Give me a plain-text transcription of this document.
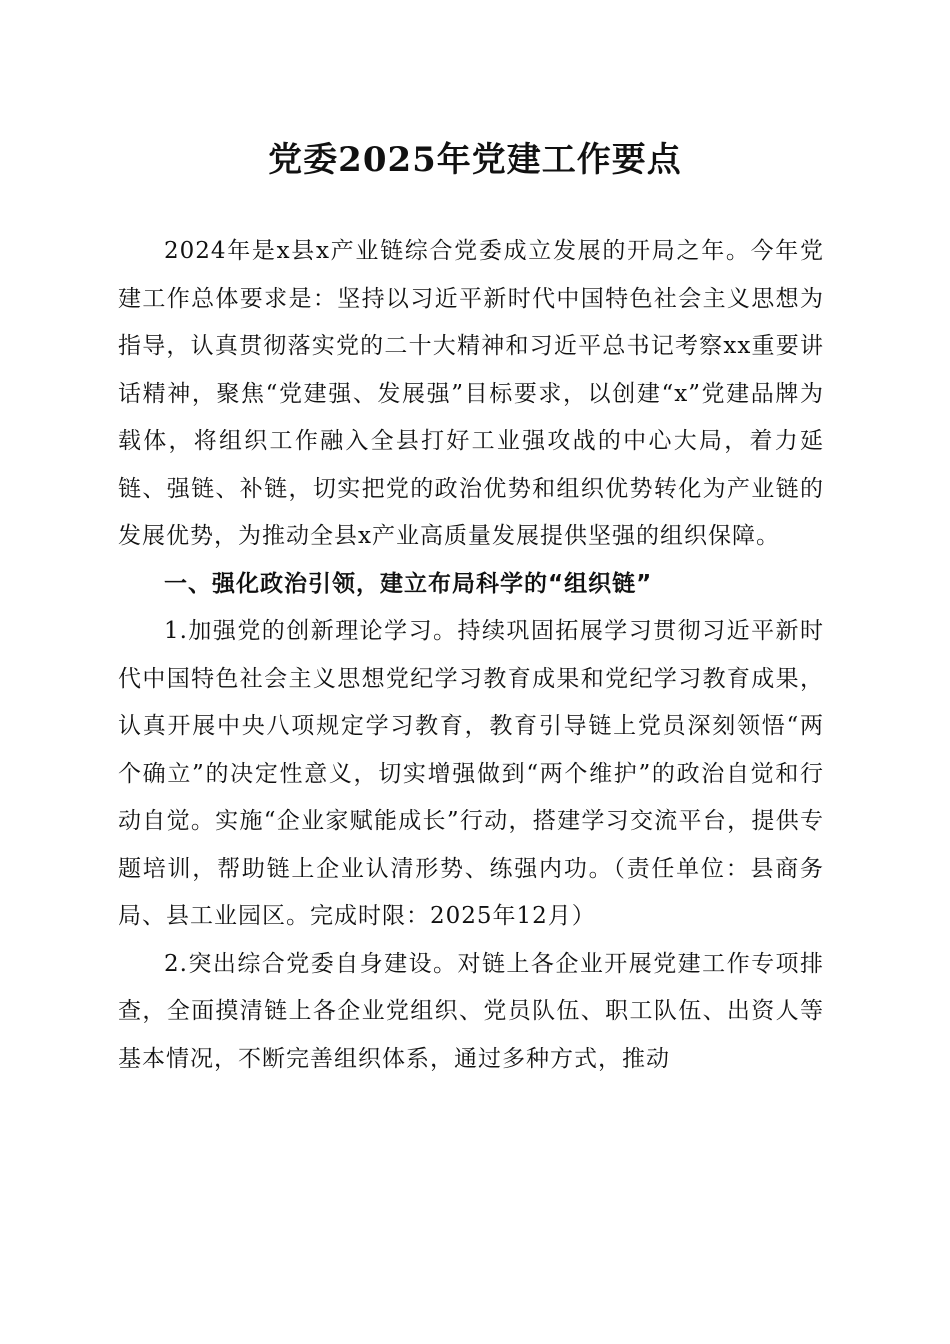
党委2025年党建工作要点

2024年是x县x产业链综合党委成立发展的开局之年。今年党建工作总体要求是：坚持以习近平新时代中国特色社会主义思想为指导，认真贯彻落实党的二十大精神和习近平总书记考察xx重要讲话精神，聚焦“党建强、发展强”目标要求，以创建“x”党建品牌为载体，将组织工作融入全县打好工业强攻战的中心大局，着力延链、强链、补链，切实把党的政治优势和组织优势转化为产业链的发展优势，为推动全县x产业高质量发展提供坚强的组织保障。

一、强化政治引领，建立布局科学的“组织链”

1.加强党的创新理论学习。持续巩固拓展学习贯彻习近平新时代中国特色社会主义思想党纪学习教育成果和党纪学习教育成果，认真开展中央八项规定学习教育，教育引导链上党员深刻领悟“两个确立”的决定性意义，切实增强做到“两个维护”的政治自觉和行动自觉。实施“企业家赋能成长”行动，搭建学习交流平台，提供专题培训，帮助链上企业认清形势、练强内功。（责任单位：县商务局、县工业园区。完成时限：2025年12月）

2.突出综合党委自身建设。对链上各企业开展党建工作专项排查，全面摸清链上各企业党组织、党员队伍、职工队伍、出资人等基本情况，不断完善组织体系，通过多种方式，推动
